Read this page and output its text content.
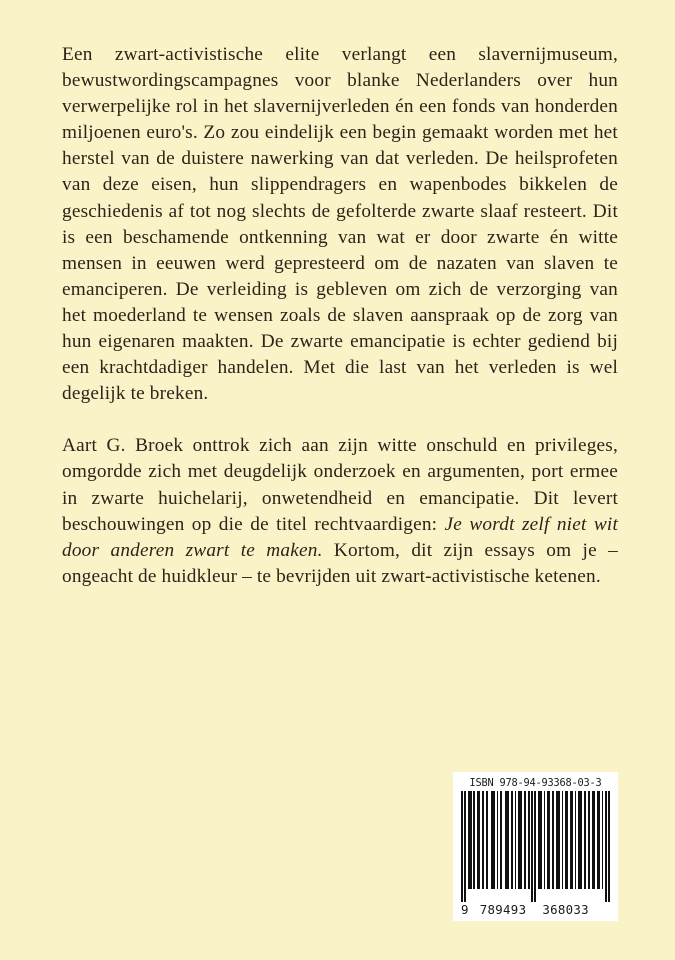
Een zwart-activistische elite verlangt een slavernijmuseum, bewustwordingscampagnes voor blanke Nederlanders over hun verwerpelijke rol in het slavernijverleden én een fonds van honderden miljoenen euro's. Zo zou eindelijk een begin gemaakt worden met het herstel van de duistere nawerking van dat verleden. De heilsprofeten van deze eisen, hun slippendragers en wapenbodes bikkelen de geschiedenis af tot nog slechts de gefolterde zwarte slaaf resteert. Dit is een beschamende ontkenning van wat er door zwarte én witte mensen in eeuwen werd gepresteerd om de nazaten van slaven te emanciperen. De verleiding is gebleven om zich de verzorging van het moederland te wensen zoals de slaven aanspraak op de zorg van hun eigenaren maakten. De zwarte emancipatie is echter gediend bij een krachtdadiger handelen. Met die last van het verleden is wel degelijk te breken.

Aart G. Broek onttrok zich aan zijn witte onschuld en privileges, omgordde zich met deugdelijk onderzoek en argumenten, port ermee in zwarte huichelarij, onwetendheid en emancipatie. Dit levert beschouwingen op die de titel rechtvaardigen: Je wordt zelf niet wit door anderen zwart te maken. Kortom, dit zijn essays om je – ongeacht de huidkleur – te bevrijden uit zwart-activistische ketenen.

ISBN 978-94-93368-03-3
9 789493 368033
